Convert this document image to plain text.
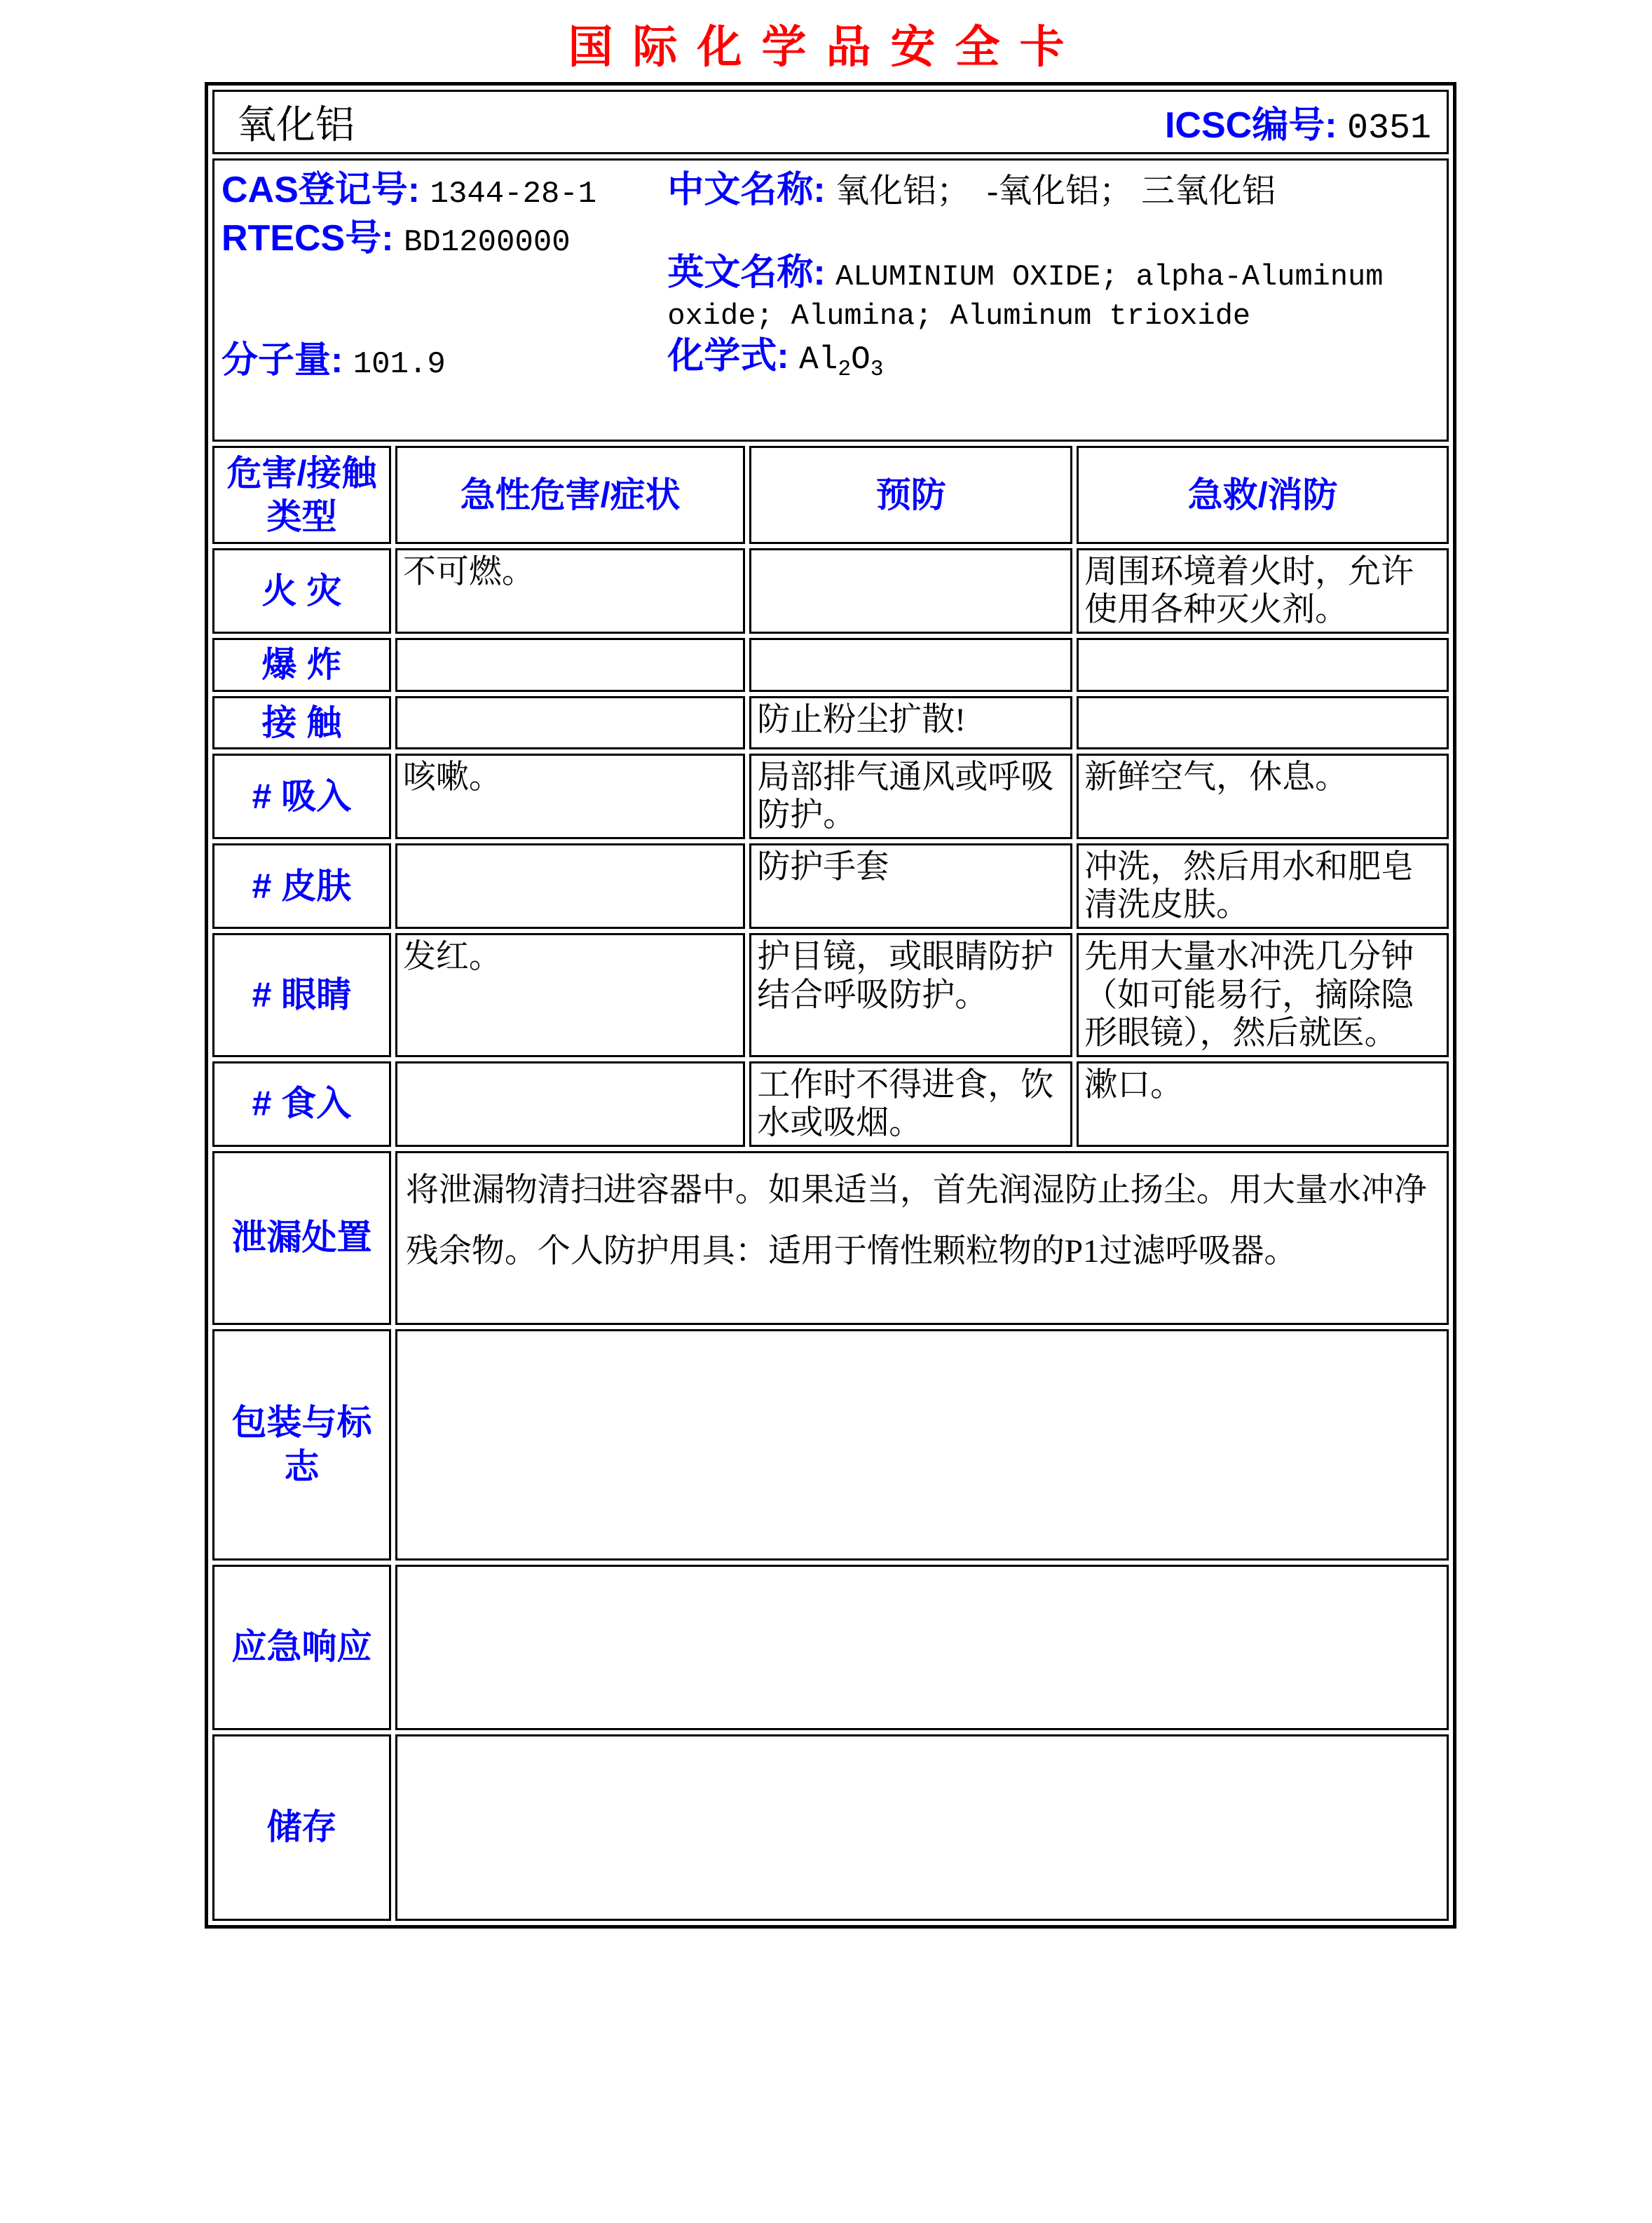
国际化学品安全卡
氧化铝 ICSC编号: 0351			

CAS登记号: 1344-28-1	中文名称: 氧化铝；  -氧化铝； 三氧化铝
RTECS号: BD1200000
英文名称: ALUMINIUM OXIDE; alpha-Aluminum oxide; Alumina; Aluminum trioxide
分子量: 101.9	化学式: $Al_2O_3$

危害/接触类型	急性危害/症状	预防	急救/消防
火 灾	不可燃。		周围环境着火时，允许使用各种灭火剂。
爆 炸			
接 触		防止粉尘扩散!	
# 吸入	咳嗽。	局部排气通风或呼吸防护。	新鲜空气，休息。
# 皮肤		防护手套	冲洗，然后用水和肥皂清洗皮肤。
# 眼睛	发红。	护目镜，或眼睛防护结合呼吸防护。	先用大量水冲洗几分钟（如可能易行，摘除隐形眼镜），然后就医。
# 食入		工作时不得进食，饮水或吸烟。	漱口。
泄漏处置	将泄漏物清扫进容器中。如果适当，首先润湿防止扬尘。用大量水冲净残余物。个人防护用具：适用于惰性颗粒物的P1过滤呼吸器。		
包装与标志			
应急响应			
储存			
